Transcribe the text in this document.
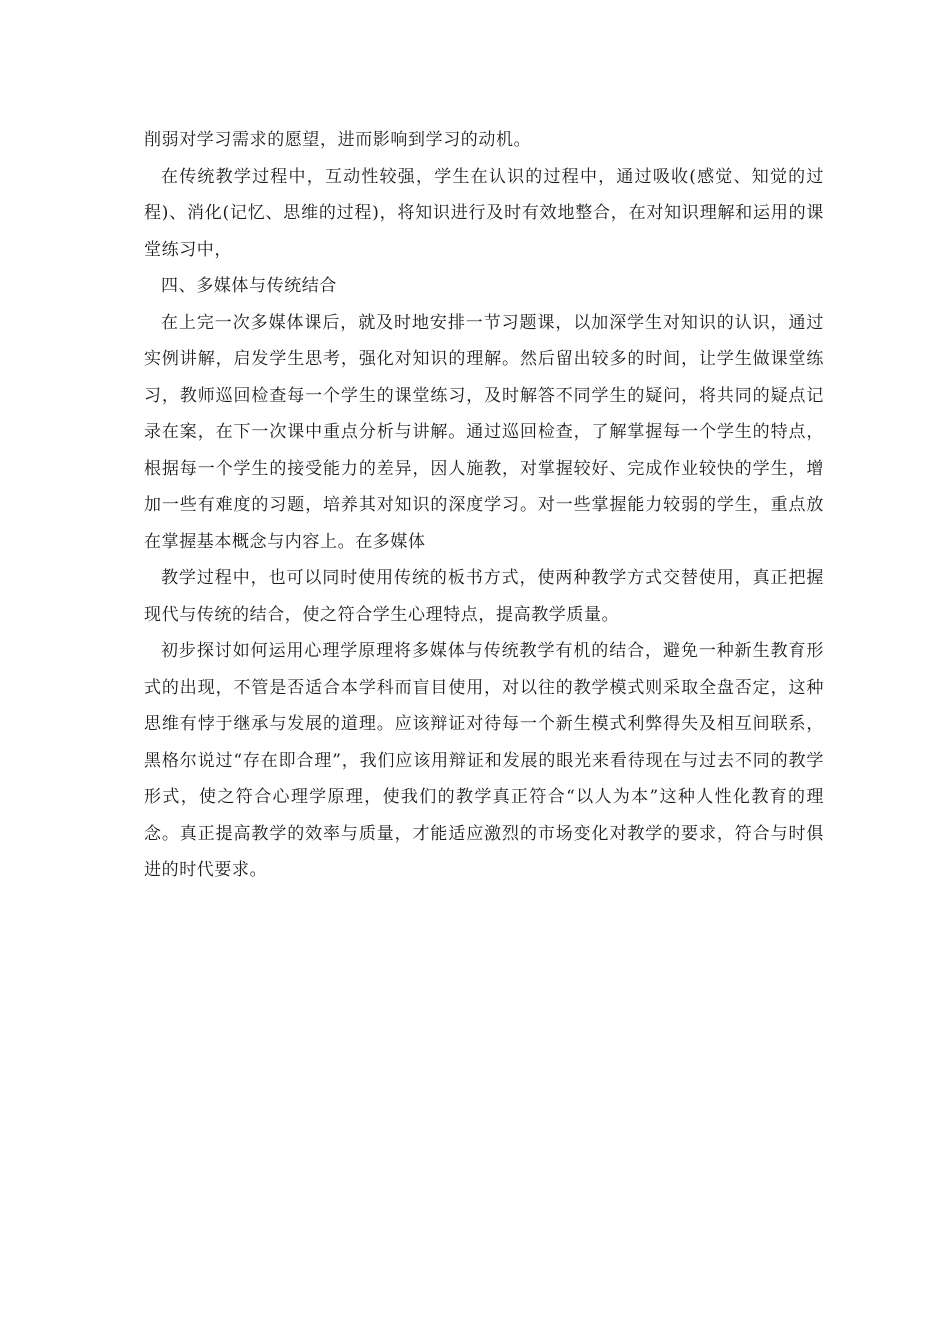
削弱对学习需求的愿望，进而影响到学习的动机。

在传统教学过程中，互动性较强，学生在认识的过程中，通过吸收(感觉、知觉的过程)、消化(记忆、思维的过程)，将知识进行及时有效地整合，在对知识理解和运用的课堂练习中，

四、多媒体与传统结合

在上完一次多媒体课后，就及时地安排一节习题课，以加深学生对知识的认识，通过实例讲解，启发学生思考，强化对知识的理解。然后留出较多的时间，让学生做课堂练习，教师巡回检查每一个学生的课堂练习，及时解答不同学生的疑问，将共同的疑点记录在案，在下一次课中重点分析与讲解。通过巡回检查，了解掌握每一个学生的特点，根据每一个学生的接受能力的差异，因人施教，对掌握较好、完成作业较快的学生，增加一些有难度的习题，培养其对知识的深度学习。对一些掌握能力较弱的学生，重点放在掌握基本概念与内容上。在多媒体

教学过程中，也可以同时使用传统的板书方式，使两种教学方式交替使用，真正把握现代与传统的结合，使之符合学生心理特点，提高教学质量。

初步探讨如何运用心理学原理将多媒体与传统教学有机的结合，避免一种新生教育形式的出现，不管是否适合本学科而盲目使用，对以往的教学模式则采取全盘否定，这种思维有悖于继承与发展的道理。应该辩证对待每一个新生模式利弊得失及相互间联系，黑格尔说过“存在即合理”，我们应该用辩证和发展的眼光来看待现在与过去不同的教学形式，使之符合心理学原理，使我们的教学真正符合“以人为本”这种人性化教育的理念。真正提高教学的效率与质量，才能适应激烈的市场变化对教学的要求，符合与时俱进的时代要求。
